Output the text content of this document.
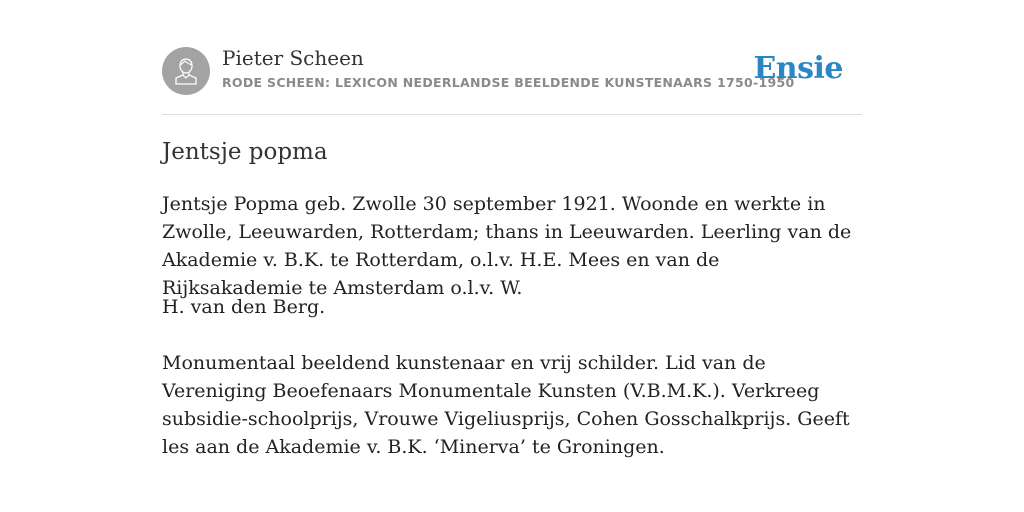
Pieter Scheen
RODE SCHEEN: LEXICON NEDERLANDSE BEELDENDE KUNSTENAARS 1750-1950
Ensie
Jentsje popma

Jentsje Popma geb. Zwolle 30 september 1921. Woonde en werkte in Zwolle, Leeuwarden, Rotterdam; thans in Leeuwarden. Leerling van de Akademie v. B.K. te Rotterdam, o.l.v. H.E. Mees en van de Rijksakademie te Amsterdam o.l.v. W.

H. van den Berg.

Monumentaal beeldend kunstenaar en vrij schilder. Lid van de Vereniging Beoefenaars Monumentale Kunsten (V.B.M.K.). Verkreeg subsidie-schoolprijs, Vrouwe Vigeliusprijs, Cohen Gosschalkprijs. Geeft les aan de Akademie v. B.K. ‘Minerva’ te Groningen.
